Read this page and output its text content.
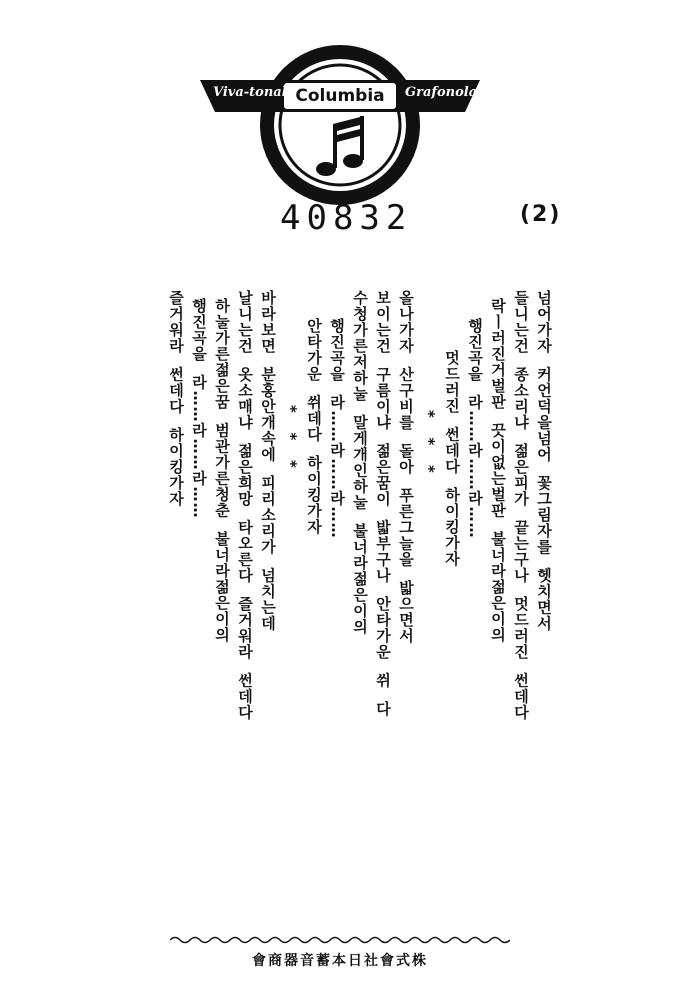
Viva-tonal Columbia Grafonola
40832	(2)
넘어가자  커언덕을넘어  꽃그림자를  헷치면서
들니는건  종소리냐  젊은피가  끝는구나  멋드러진  썬데다
락ㅣ러진거벌판  끗이없는벌판  불너라젊은이의
행진곡을  라……라……라……
멋드러진  썬데다  하이킹가자
*   *   *
올나가자  산구비를  돌아  푸른그늘을  밟으면서
보이는건  구름이냐  젊은꿈이  밟부구나  안타가운  쒸  다
수청가른저하눌  말게개인하눌  불너라젊은이의
행진곡을  라……라……라……
안타가운  쒸데다  하이킹가자
*   *   *
바라보면  분홍안개속에  피리소리가  넘치는데
날니는건  옷소매냐  젊은희망  타오른다  즐거워라  썬데다
하눌가른젊은꿈  범관가른청춘  불너라젊은이의
행진곡을  라……라……라……
즐거워라  썬데다  하이킹가자
會商器音蓄本日社會式株
